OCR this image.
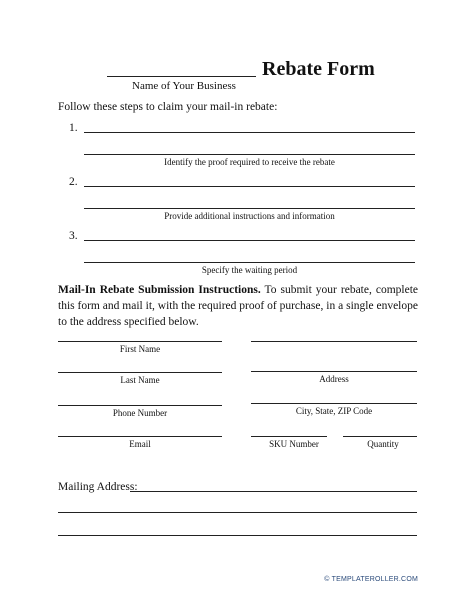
Rebate Form
Name of Your Business
Follow these steps to claim your mail-in rebate:
1.
Identify the proof required to receive the rebate
2.
Provide additional instructions and information
3.
Specify the waiting period
Mail-In Rebate Submission Instructions. To submit your rebate, complete this form and mail it, with the required proof of purchase, in a single envelope to the address specified below.
First Name
Last Name
Phone Number
Email
Address
City, State, ZIP Code
SKU Number	Quantity
Mailing Address:
© TEMPLATEROLLER.COM
